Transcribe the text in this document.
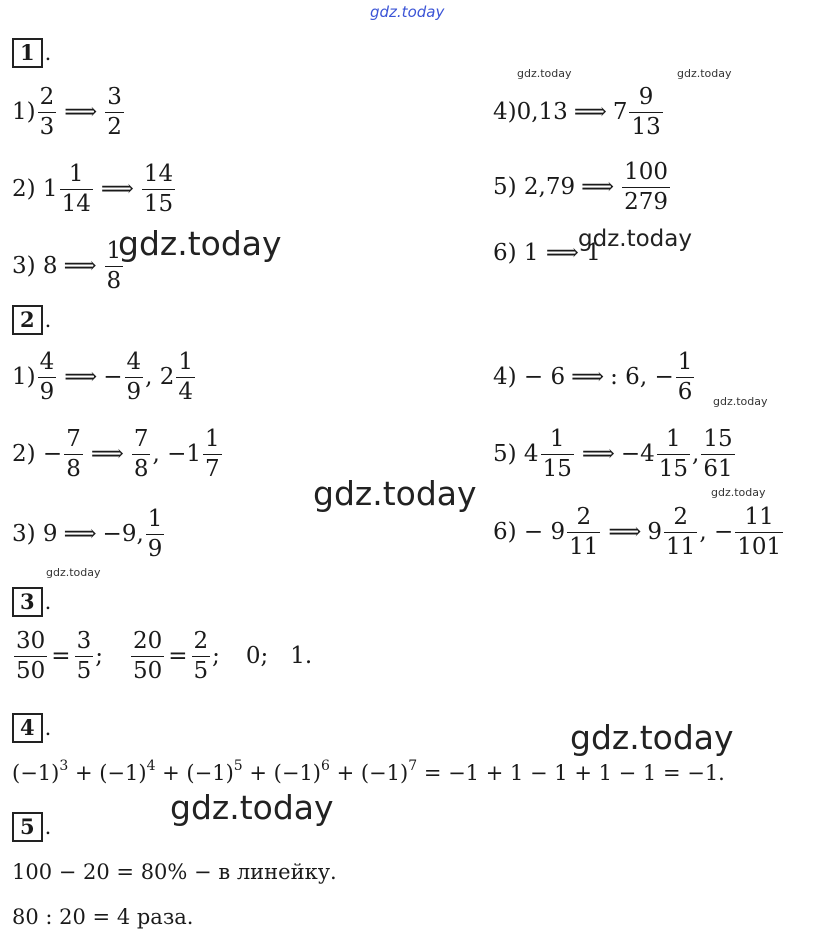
gdz.today
gdz.today	gdz.today
gdz.today	gdz.today
gdz.today
gdz.today	gdz.today
gdz.today
gdz.today
gdz.today
1 .
1)
2
3
⟹
3
2
2) 1
1
14
⟹
14
15
3) 8 ⟹
1
8
4)0,13 ⟹ 7
9
13
5) 2,79 ⟹
100
279
6) 1 ⟹ 1
2 .
1)
4
9
⟹ − $\frac{4}{9}$ , 2
1
4
$2) - \frac{7}{8}$ ⟹
7
8
, −1
1
7
3) 9 ⟹ −9,
1
9
4) − 6 ⟹ : 6, − $\frac{1}{6}$
5) 4
1
15
⟹ −4
1
15
,
15
61
6) − 9
2
11
⟹ 9
2
11
, − $\frac{11}{101}$
3 .
$\frac{30}{50} = \frac{3}{5}$ ; $\frac{20}{50} = \frac{2}{5}$ ; 0;   1.
4 .
$(-1)^3 + (-1)^4 + (-1)^5 + (-1)^6 + (-1)^7 = -1 + 1 - 1 + 1 - 1 = -1$.
5 .
100 − 20 = 80% − в линейку.
80 : 20 = 4 раза.
